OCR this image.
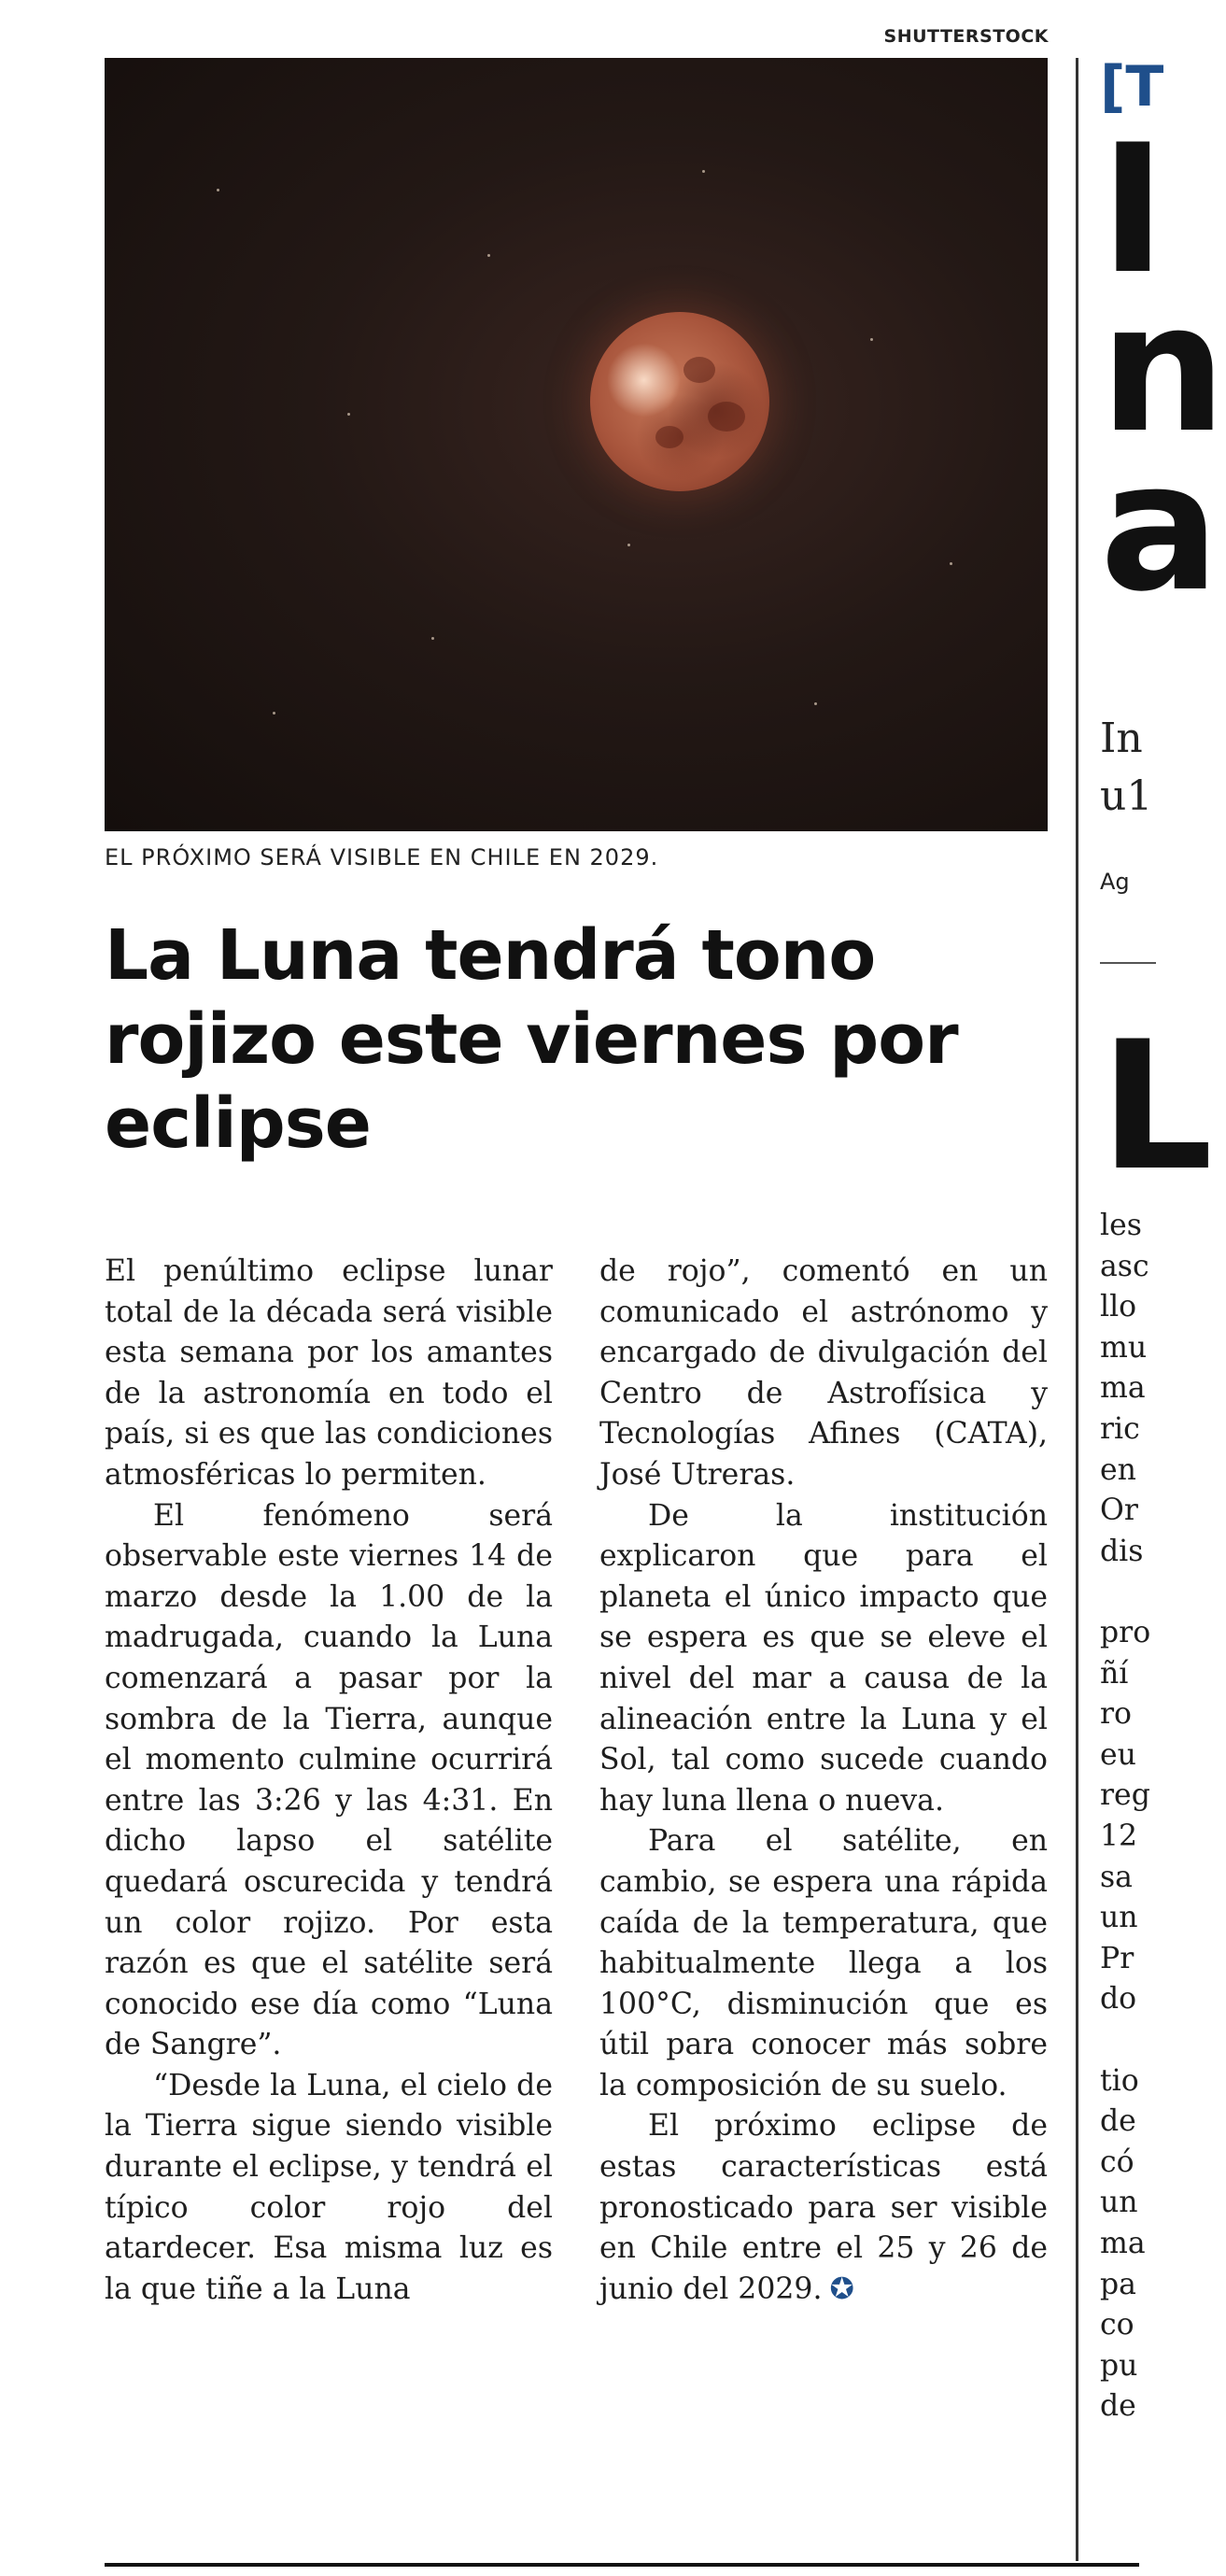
SHUTTERSTOCK
EL PRÓXIMO SERÁ VISIBLE EN CHILE EN 2029.
La Luna tendrá tono rojizo este viernes por eclipse

El penúltimo eclipse lunar total de la década será visible esta semana por los amantes de la astronomía en todo el país, si es que las condiciones atmosféricas lo permiten.

El fenómeno será observable este viernes 14 de marzo desde la 1.00 de la madrugada, cuando la Luna comenzará a pasar por la sombra de la Tierra, aunque el momento culmine ocurrirá entre las 3:26 y las 4:31. En dicho lapso el satélite quedará oscurecida y tendrá un color rojizo. Por esta razón es que el satélite será conocido ese día como “Luna de Sangre”.

“Desde la Luna, el cielo de la Tierra sigue siendo visible durante el eclipse, y tendrá el típico color rojo del atardecer. Esa misma luz es la que tiñe a la Luna

de rojo”, comentó en un comunicado el astrónomo y encargado de divulgación del Centro de Astrofísica y Tecnologías Afines (CATA), José Utreras.

De la institución explicaron que para el planeta el único impacto que se espera es que se eleve el nivel del mar a causa de la alineación entre la Luna y el Sol, tal como sucede cuando hay luna llena o nueva.

Para el satélite, en cambio, se espera una rápida caída de la temperatura, que habitualmente llega a los 100°C, disminución que es útil para conocer más sobre la composición de su suelo.

El próximo eclipse de estas características está pronosticado para ser visible en Chile entre el 25 y 26 de junio del 2029. ✪

[T
I
n
a
In
u1
Ag
L
les
asc
llo
mu
ma
ric
en
Or
dis
pro
ñí
ro
eu
reg
12
sa
un
Pr
do
tio
de
có
un
ma
pa
co
pu
de
